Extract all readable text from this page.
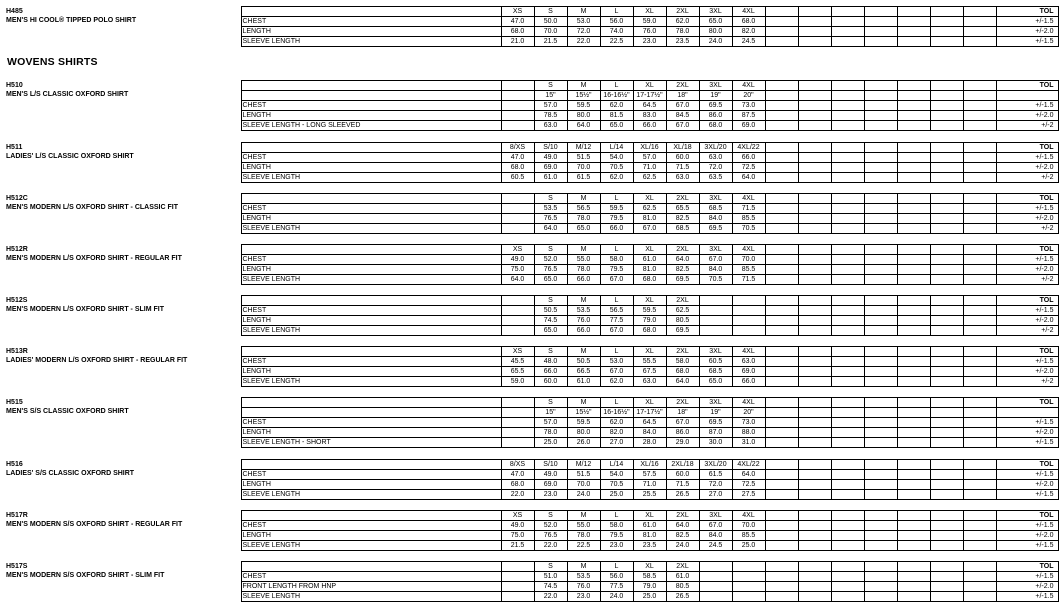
WOVENS SHIRTS
H485
MEN'S HI COOL® TIPPED POLO SHIRT		XS	S	M	L	XL	2XL	3XL	4XL								TOL
	CHEST	47.0	50.0	53.0	56.0	59.0	62.0	65.0	68.0								+/-1.5
	LENGTH	68.0	70.0	72.0	74.0	76.0	78.0	80.0	82.0								+/-2.0
	SLEEVE LENGTH	21.0	21.5	22.0	22.5	23.0	23.5	24.0	24.5								+/-1.5
H510
MEN'S L/S CLASSIC OXFORD SHIRT			S	M	L	XL	2XL	3XL	4XL								TOL
			15"	15½"	16-16½"	17-17½"	18"	19"	20"								
	CHEST		57.0	59.5	62.0	64.5	67.0	69.5	73.0								+/-1.5
	LENGTH		78.5	80.0	81.5	83.0	84.5	86.0	87.5								+/-2.0
	SLEEVE LENGTH - LONG SLEEVED		63.0	64.0	65.0	66.0	67.0	68.0	69.0								+/-2
H511
LADIES' L/S CLASSIC OXFORD SHIRT		8/XS	S/10	M/12	L/14	XL/16	XL/18	3XL/20	4XL/22								TOL
	CHEST	47.0	49.0	51.5	54.0	57.0	60.0	63.0	66.0								+/-1.5
	LENGTH	68.0	69.0	70.0	70.5	71.0	71.5	72.0	72.5								+/-2.0
	SLEEVE LENGTH	60.5	61.0	61.5	62.0	62.5	63.0	63.5	64.0								+/-2
H512C
MEN'S MODERN L/S OXFORD SHIRT - CLASSIC FIT			S	M	L	XL	2XL	3XL	4XL								TOL
	CHEST		53.5	56.5	59.5	62.5	65.5	68.5	71.5								+/-1.5
	LENGTH		76.5	78.0	79.5	81.0	82.5	84.0	85.5								+/-2.0
	SLEEVE LENGTH		64.0	65.0	66.0	67.0	68.5	69.5	70.5								+/-2
H512R
MEN'S MODERN L/S OXFORD SHIRT - REGULAR FIT		XS	S	M	L	XL	2XL	3XL	4XL								TOL
	CHEST	49.0	52.0	55.0	58.0	61.0	64.0	67.0	70.0								+/-1.5
	LENGTH	75.0	76.5	78.0	79.5	81.0	82.5	84.0	85.5								+/-2.0
	SLEEVE LENGTH	64.0	65.0	66.0	67.0	68.0	69.5	70.5	71.5								+/-2
H512S
MEN'S MODERN L/S OXFORD SHIRT - SLIM FIT			S	M	L	XL	2XL										TOL
	CHEST		50.5	53.5	56.5	59.5	62.5										+/-1.5
	LENGTH		74.5	76.0	77.5	79.0	80.5										+/-2.0
	SLEEVE LENGTH		65.0	66.0	67.0	68.0	69.5										+/-2
H513R
LADIES' MODERN L/S OXFORD SHIRT - REGULAR FIT		XS	S	M	L	XL	2XL	3XL	4XL								TOL
	CHEST	45.5	48.0	50.5	53.0	55.5	58.0	60.5	63.0								+/-1.5
	LENGTH	65.5	66.0	66.5	67.0	67.5	68.0	68.5	69.0								+/-2.0
	SLEEVE LENGTH	59.0	60.0	61.0	62.0	63.0	64.0	65.0	66.0								+/-2
H515
MEN'S S/S CLASSIC OXFORD SHIRT			S	M	L	XL	2XL	3XL	4XL								TOL
			15"	15½"	16-16½"	17-17½"	18"	19"	20"								
	CHEST		57.0	59.5	62.0	64.5	67.0	69.5	73.0								+/-1.5
	LENGTH		78.0	80.0	82.0	84.0	86.0	87.0	88.0								+/-2.0
	SLEEVE LENGTH - SHORT		25.0	26.0	27.0	28.0	29.0	30.0	31.0								+/-1.5
H516
LADIES' S/S CLASSIC OXFORD SHIRT		8/XS	S/10	M/12	L/14	XL/16	2XL/18	3XL/20	4XL/22								TOL
	CHEST	47.0	49.0	51.5	54.0	57.5	60.0	61.5	64.0								+/-1.5
	LENGTH	68.0	69.0	70.0	70.5	71.0	71.5	72.0	72.5								+/-2.0
	SLEEVE LENGTH	22.0	23.0	24.0	25.0	25.5	26.5	27.0	27.5								+/-1.5
H517R
MEN'S MODERN S/S OXFORD SHIRT - REGULAR FIT		XS	S	M	L	XL	2XL	3XL	4XL								TOL
	CHEST	49.0	52.0	55.0	58.0	61.0	64.0	67.0	70.0								+/-1.5
	LENGTH	75.0	76.5	78.0	79.5	81.0	82.5	84.0	85.5								+/-2.0
	SLEEVE LENGTH	21.5	22.0	22.5	23.0	23.5	24.0	24.5	25.0								+/-1.5
H517S
MEN'S MODERN S/S OXFORD SHIRT - SLIM FIT			S	M	L	XL	2XL										TOL
	CHEST		51.0	53.5	56.0	58.5	61.0										+/-1.5
	FRONT LENGTH FROM HNP		74.5	76.0	77.5	79.0	80.5										+/-2.0
	SLEEVE LENGTH		22.0	23.0	24.0	25.0	26.5										+/-1.5
